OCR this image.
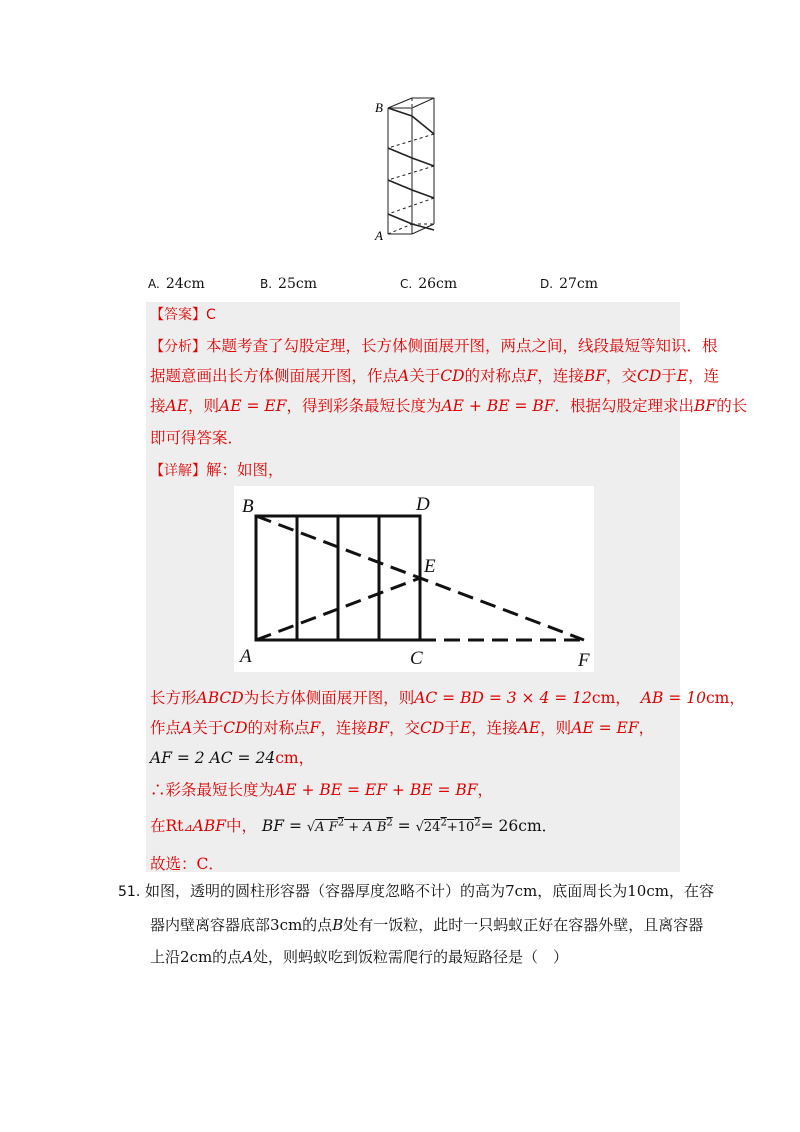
B
A
A. 24cm	B. 25cm	C. 26cm	D. 27cm
【答案】C
【分析】本题考查了勾股定理，长方体侧面展开图，两点之间，线段最短等知识．根
据题意画出长方体侧面展开图，作点A关于CD的对称点F，连接BF，交CD于E，连
接AE，则AE = EF，得到彩条最短长度为AE + BE = BF．根据勾股定理求出BF的长
即可得答案．
【详解】解：如图，
长方形ABCD为长方体侧面展开图，则AC = BD = 3 × 4 = 12cm， AB = 10cm，
作点A关于CD的对称点F，连接BF，交CD于E，连接AE，则AE = EF，
AF = 2 AC = 24cm，
∴彩条最短长度为AE + BE = EF + BE = BF，
在Rt⊿ABF中， BF = √A $F^2 + A$ $B^2 = √24^2+10^2= 26cm$．
故选：C．
B	D
E
A	C	F
51. 如图，透明的圆柱形容器（容器厚度忽略不计）的高为7cm，底面周长为10cm，在容
器内壁离容器底部3cm的点B处有一饭粒，此时一只蚂蚁正好在容器外壁，且离容器
上沿2cm的点A处，则蚂蚁吃到饭粒需爬行的最短路径是（　）
